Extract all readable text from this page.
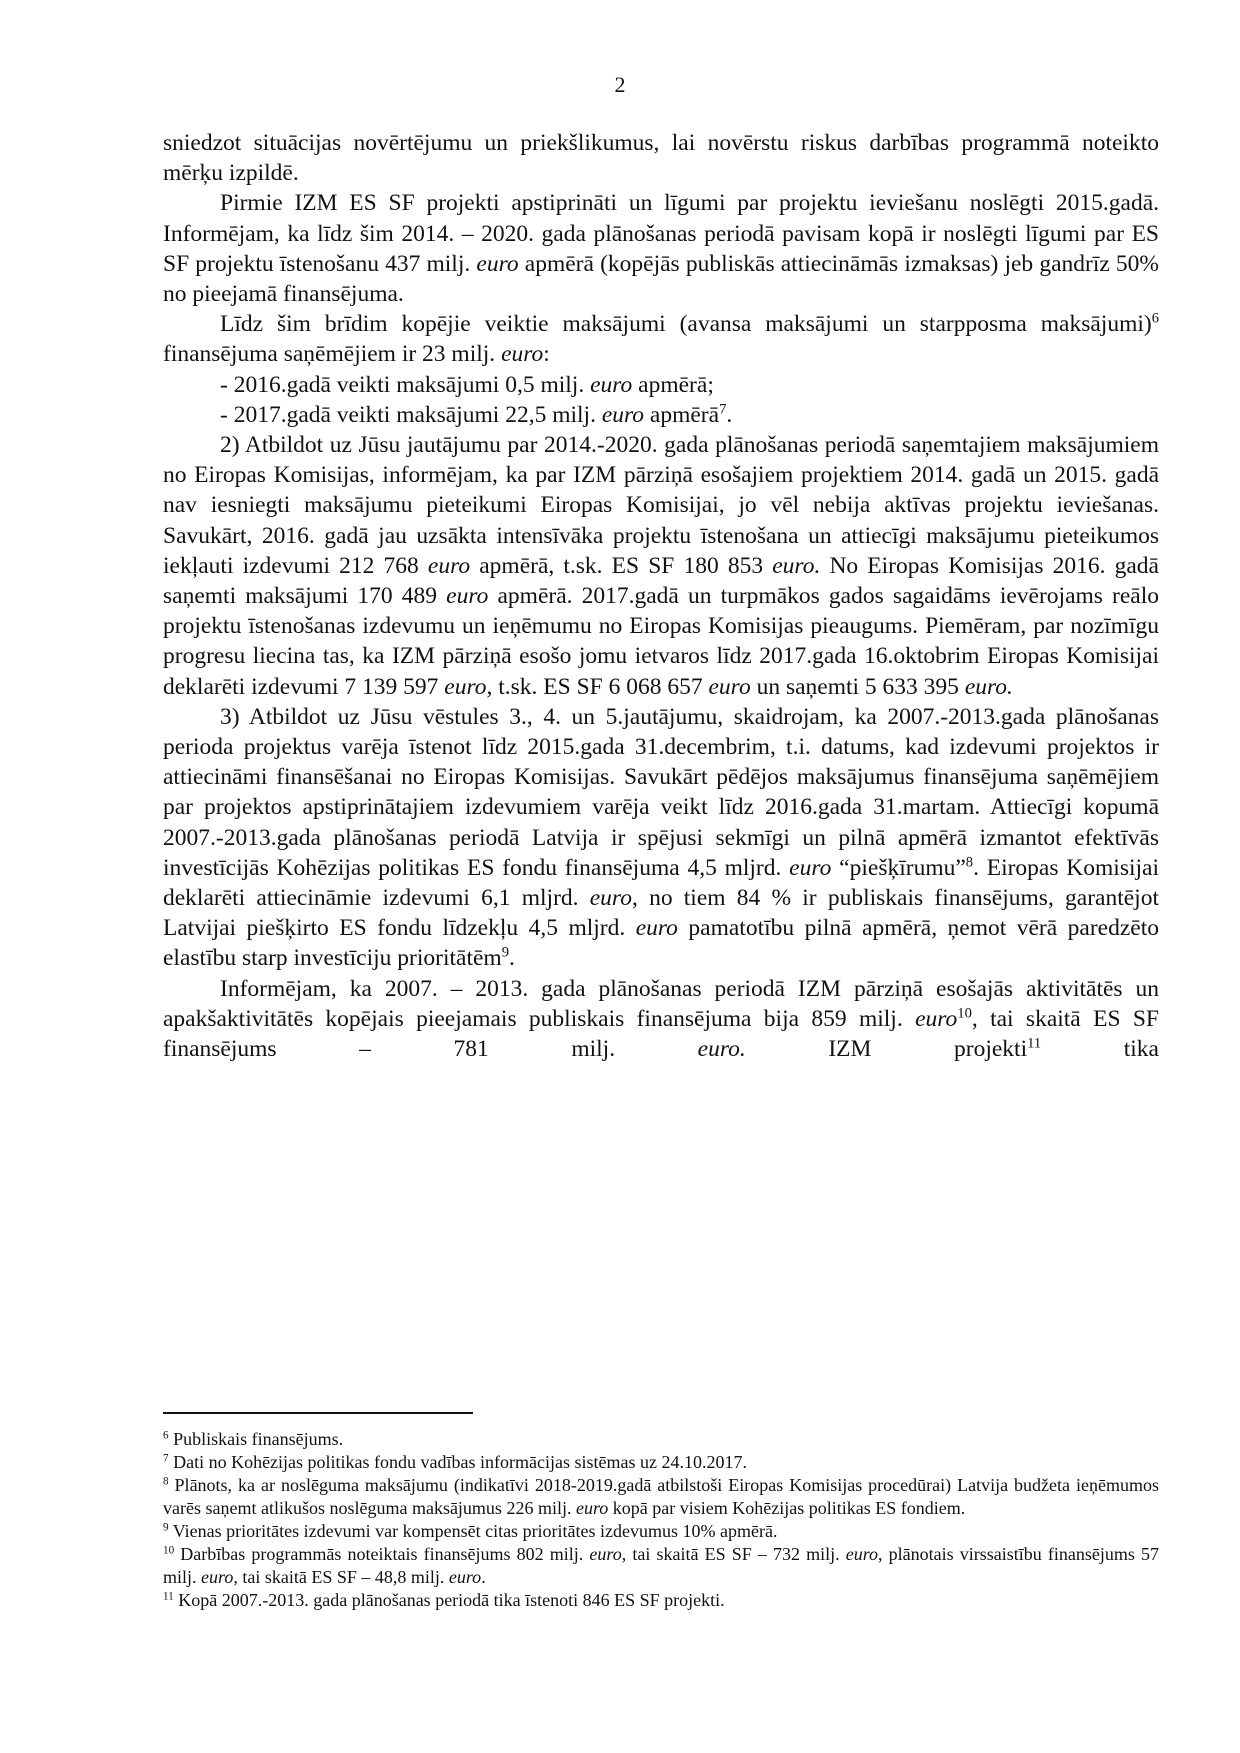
2

sniedzot situācijas novērtējumu un priekšlikumus, lai novērstu riskus darbības programmā noteikto mērķu izpildē.

Pirmie IZM ES SF projekti apstiprināti un līgumi par projektu ieviešanu noslēgti 2015.gadā. Informējam, ka līdz šim 2014. – 2020. gada plānošanas periodā pavisam kopā ir noslēgti līgumi par ES SF projektu īstenošanu 437 milj. euro apmērā (kopējās publiskās attiecināmās izmaksas) jeb gandrīz 50% no pieejamā finansējuma.

Līdz šim brīdim kopējie veiktie maksājumi (avansa maksājumi un starpposma maksājumi)$^6$ finansējuma saņēmējiem ir 23 milj. euro:

- 2016.gadā veikti maksājumi 0,5 milj. euro apmērā;

- 2017.gadā veikti maksājumi 22,5 milj. euro apmērā$^7$.

2) Atbildot uz Jūsu jautājumu par 2014.-2020. gada plānošanas periodā saņemtajiem maksājumiem no Eiropas Komisijas, informējam, ka par IZM pārziņā esošajiem projektiem 2014. gadā un 2015. gadā nav iesniegti maksājumu pieteikumi Eiropas Komisijai, jo vēl nebija aktīvas projektu ieviešanas. Savukārt, 2016. gadā jau uzsākta intensīvāka projektu īstenošana un attiecīgi maksājumu pieteikumos iekļauti izdevumi 212 768 euro apmērā, t.sk. ES SF 180 853 euro. No Eiropas Komisijas 2016. gadā saņemti maksājumi 170 489 euro apmērā. 2017.gadā un turpmākos gados sagaidāms ievērojams reālo projektu īstenošanas izdevumu un ieņēmumu no Eiropas Komisijas pieaugums. Piemēram, par nozīmīgu progresu liecina tas, ka IZM pārziņā esošo jomu ietvaros līdz 2017.gada 16.oktobrim Eiropas Komisijai deklarēti izdevumi 7 139 597 euro, t.sk. ES SF 6 068 657 euro un saņemti 5 633 395 euro.

3) Atbildot uz Jūsu vēstules 3., 4. un 5.jautājumu, skaidrojam, ka 2007.-2013.gada plānošanas perioda projektus varēja īstenot līdz 2015.gada 31.decembrim, t.i. datums, kad izdevumi projektos ir attiecināmi finansēšanai no Eiropas Komisijas. Savukārt pēdējos maksājumus finansējuma saņēmējiem par projektos apstiprinātajiem izdevumiem varēja veikt līdz 2016.gada 31.martam. Attiecīgi kopumā 2007.-2013.gada plānošanas periodā Latvija ir spējusi sekmīgi un pilnā apmērā izmantot efektīvās investīcijās Kohēzijas politikas ES fondu finansējuma 4,5 mljrd. euro “piešķīrumu”$^8$. Eiropas Komisijai deklarēti attiecināmie izdevumi 6,1 mljrd. euro, no tiem 84 % ir publiskais finansējums, garantējot Latvijai piešķirto ES fondu līdzekļu 4,5 mljrd. euro pamatotību pilnā apmērā, ņemot vērā paredzēto elastību starp investīciju prioritātēm$^9$.

Informējam, ka 2007. – 2013. gada plānošanas periodā IZM pārziņā esošajās aktivitātēs un apakšaktivitātēs kopējais pieejamais publiskais finansējuma bija 859 milj. euro$^{10}$, tai skaitā ES SF finansējums – 781 milj. euro. IZM projekti$^{11}$ tika

$^6$ Publiskais finansējums.

$^7$ Dati no Kohēzijas politikas fondu vadības informācijas sistēmas uz 24.10.2017.

$^8$ Plānots, ka ar noslēguma maksājumu (indikatīvi 2018-2019.gadā atbilstoši Eiropas Komisijas procedūrai) Latvija budžeta ieņēmumos varēs saņemt atlikušos noslēguma maksājumus 226 milj. euro kopā par visiem Kohēzijas politikas ES fondiem.

$^9$ Vienas prioritātes izdevumi var kompensēt citas prioritātes izdevumus 10% apmērā.

$^{10}$ Darbības programmās noteiktais finansējums 802 milj. euro, tai skaitā ES SF – 732 milj. euro, plānotais virssaistību finansējums 57 milj. euro, tai skaitā ES SF – 48,8 milj. euro.

$^{11}$ Kopā 2007.-2013. gada plānošanas periodā tika īstenoti 846 ES SF projekti.
